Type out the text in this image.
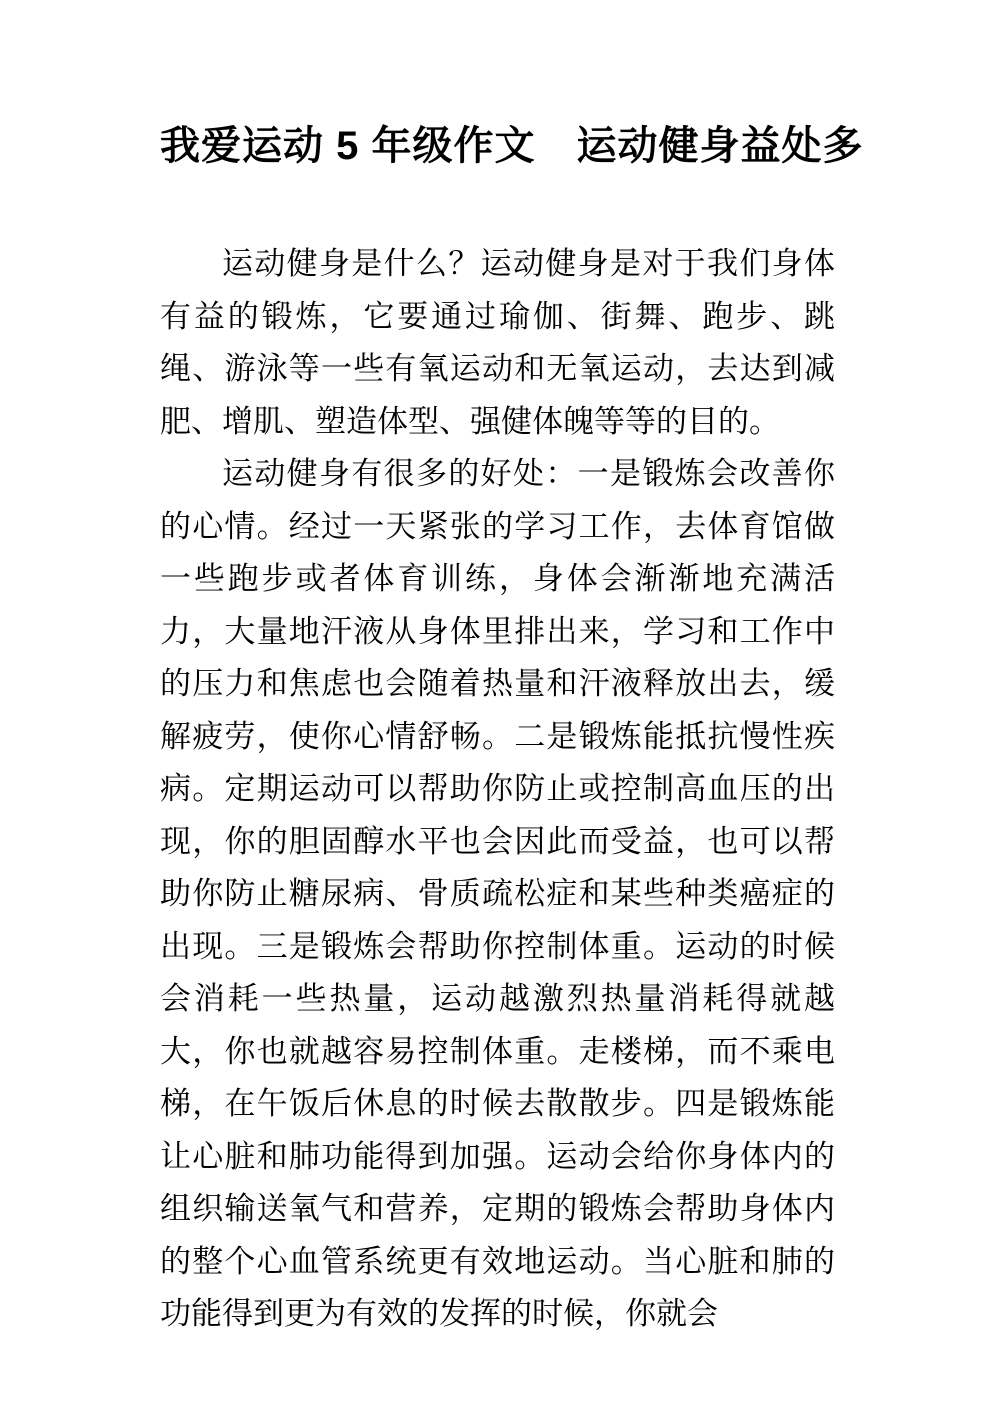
我爱运动 5 年级作文　运动健身益处多

运动健身是什么？运动健身是对于我们身体有益的锻炼，它要通过瑜伽、街舞、跑步、跳绳、游泳等一些有氧运动和无氧运动，去达到减肥、增肌、塑造体型、强健体魄等等的目的。

运动健身有很多的好处：一是锻炼会改善你的心情。经过一天紧张的学习工作，去体育馆做一些跑步或者体育训练，身体会渐渐地充满活力，大量地汗液从身体里排出来，学习和工作中的压力和焦虑也会随着热量和汗液释放出去，缓解疲劳，使你心情舒畅。二是锻炼能抵抗慢性疾病。定期运动可以帮助你防止或控制高血压的出现，你的胆固醇水平也会因此而受益，也可以帮助你防止糖尿病、骨质疏松症和某些种类癌症的出现。三是锻炼会帮助你控制体重。运动的时候会消耗一些热量，运动越激烈热量消耗得就越大，你也就越容易控制体重。走楼梯，而不乘电梯，在午饭后休息的时候去散散步。四是锻炼能让心脏和肺功能得到加强。运动会给你身体内的组织输送氧气和营养，定期的锻炼会帮助身体内的整个心血管系统更有效地运动。当心脏和肺的功能得到更为有效的发挥的时候，你就会
